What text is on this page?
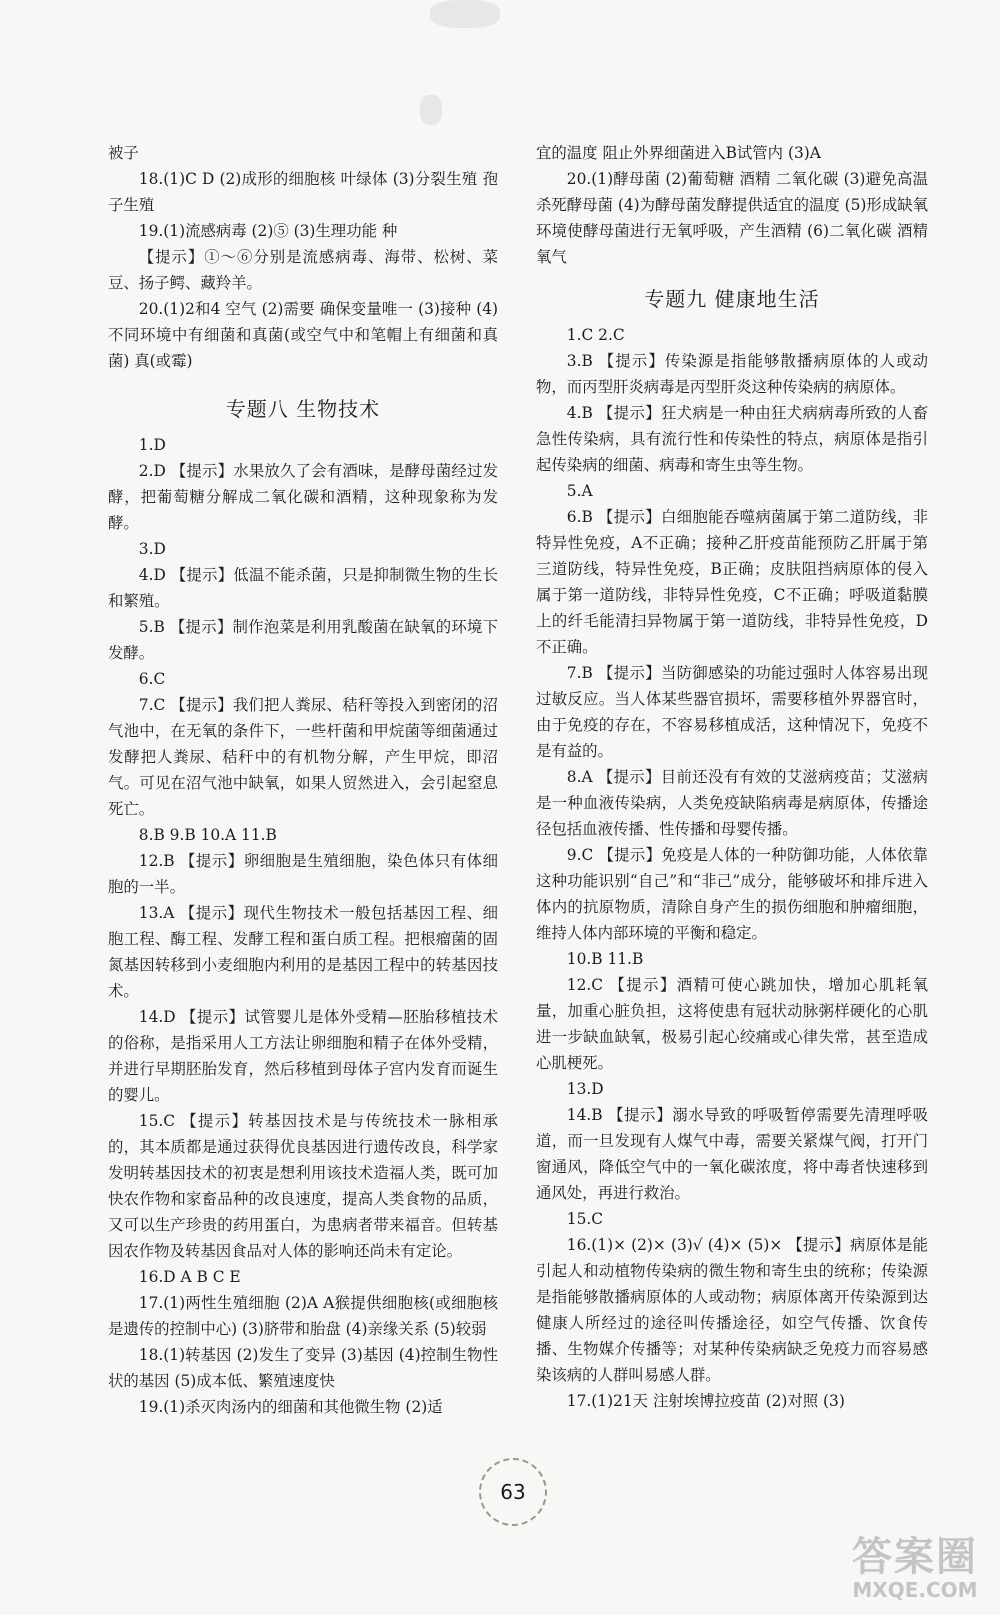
被子
18.(1)C D (2)成形的细胞核 叶绿体 (3)分裂生殖 孢子生殖
19.(1)流感病毒 (2)⑤ (3)生理功能 种
【提示】①～⑥分别是流感病毒、海带、松树、菜豆、扬子鳄、藏羚羊。
20.(1)2和4 空气 (2)需要 确保变量唯一 (3)接种 (4)不同环境中有细菌和真菌(或空气中和笔帽上有细菌和真菌) 真(或霉)
专题八 生物技术
1.D
2.D 【提示】水果放久了会有酒味，是酵母菌经过发酵，把葡萄糖分解成二氧化碳和酒精，这种现象称为发酵。
3.D
4.D 【提示】低温不能杀菌，只是抑制微生物的生长和繁殖。
5.B 【提示】制作泡菜是利用乳酸菌在缺氧的环境下发酵。
6.C
7.C 【提示】我们把人粪尿、秸秆等投入到密闭的沼气池中，在无氧的条件下，一些杆菌和甲烷菌等细菌通过发酵把人粪尿、秸秆中的有机物分解，产生甲烷，即沼气。可见在沼气池中缺氧，如果人贸然进入，会引起窒息死亡。
8.B 9.B 10.A 11.B
12.B 【提示】卵细胞是生殖细胞，染色体只有体细胞的一半。
13.A 【提示】现代生物技术一般包括基因工程、细胞工程、酶工程、发酵工程和蛋白质工程。把根瘤菌的固氮基因转移到小麦细胞内利用的是基因工程中的转基因技术。
14.D 【提示】试管婴儿是体外受精—胚胎移植技术的俗称，是指采用人工方法让卵细胞和精子在体外受精，并进行早期胚胎发育，然后移植到母体子宫内发育而诞生的婴儿。
15.C 【提示】转基因技术是与传统技术一脉相承的，其本质都是通过获得优良基因进行遗传改良，科学家发明转基因技术的初衷是想利用该技术造福人类，既可加快农作物和家畜品种的改良速度，提高人类食物的品质，又可以生产珍贵的药用蛋白，为患病者带来福音。但转基因农作物及转基因食品对人体的影响还尚未有定论。
16.D A B C E
17.(1)两性生殖细胞 (2)A A猴提供细胞核(或细胞核是遗传的控制中心) (3)脐带和胎盘 (4)亲缘关系 (5)较弱
18.(1)转基因 (2)发生了变异 (3)基因 (4)控制生物性状的基因 (5)成本低、繁殖速度快
19.(1)杀灭肉汤内的细菌和其他微生物 (2)适
宜的温度 阻止外界细菌进入B试管内 (3)A
20.(1)酵母菌 (2)葡萄糖 酒精 二氧化碳 (3)避免高温杀死酵母菌 (4)为酵母菌发酵提供适宜的温度 (5)形成缺氧环境使酵母菌进行无氧呼吸，产生酒精 (6)二氧化碳 酒精 氧气
专题九 健康地生活
1.C 2.C
3.B 【提示】传染源是指能够散播病原体的人或动物，而丙型肝炎病毒是丙型肝炎这种传染病的病原体。
4.B 【提示】狂犬病是一种由狂犬病病毒所致的人畜急性传染病，具有流行性和传染性的特点，病原体是指引起传染病的细菌、病毒和寄生虫等生物。
5.A
6.B 【提示】白细胞能吞噬病菌属于第二道防线，非特异性免疫，A不正确；接种乙肝疫苗能预防乙肝属于第三道防线，特异性免疫，B正确；皮肤阻挡病原体的侵入属于第一道防线，非特异性免疫，C不正确；呼吸道黏膜上的纤毛能清扫异物属于第一道防线，非特异性免疫，D不正确。
7.B 【提示】当防御感染的功能过强时人体容易出现过敏反应。当人体某些器官损坏，需要移植外界器官时，由于免疫的存在，不容易移植成活，这种情况下，免疫不是有益的。
8.A 【提示】目前还没有有效的艾滋病疫苗；艾滋病是一种血液传染病，人类免疫缺陷病毒是病原体，传播途径包括血液传播、性传播和母婴传播。
9.C 【提示】免疫是人体的一种防御功能，人体依靠这种功能识别“自己”和“非己”成分，能够破坏和排斥进入体内的抗原物质，清除自身产生的损伤细胞和肿瘤细胞，维持人体内部环境的平衡和稳定。
10.B 11.B
12.C 【提示】酒精可使心跳加快，增加心肌耗氧量，加重心脏负担，这将使患有冠状动脉粥样硬化的心肌进一步缺血缺氧，极易引起心绞痛或心律失常，甚至造成心肌梗死。
13.D
14.B 【提示】溺水导致的呼吸暂停需要先清理呼吸道，而一旦发现有人煤气中毒，需要关紧煤气阀，打开门窗通风，降低空气中的一氧化碳浓度，将中毒者快速移到通风处，再进行救治。
15.C
16.(1)× (2)× (3)√ (4)× (5)× 【提示】病原体是能引起人和动植物传染病的微生物和寄生虫的统称；传染源是指能够散播病原体的人或动物；病原体离开传染源到达健康人所经过的途径叫传播途径，如空气传播、饮食传播、生物媒介传播等；对某种传染病缺乏免疫力而容易感染该病的人群叫易感人群。
17.(1)21天 注射埃博拉疫苗 (2)对照 (3)
63
答案圈
MXQE.COM
